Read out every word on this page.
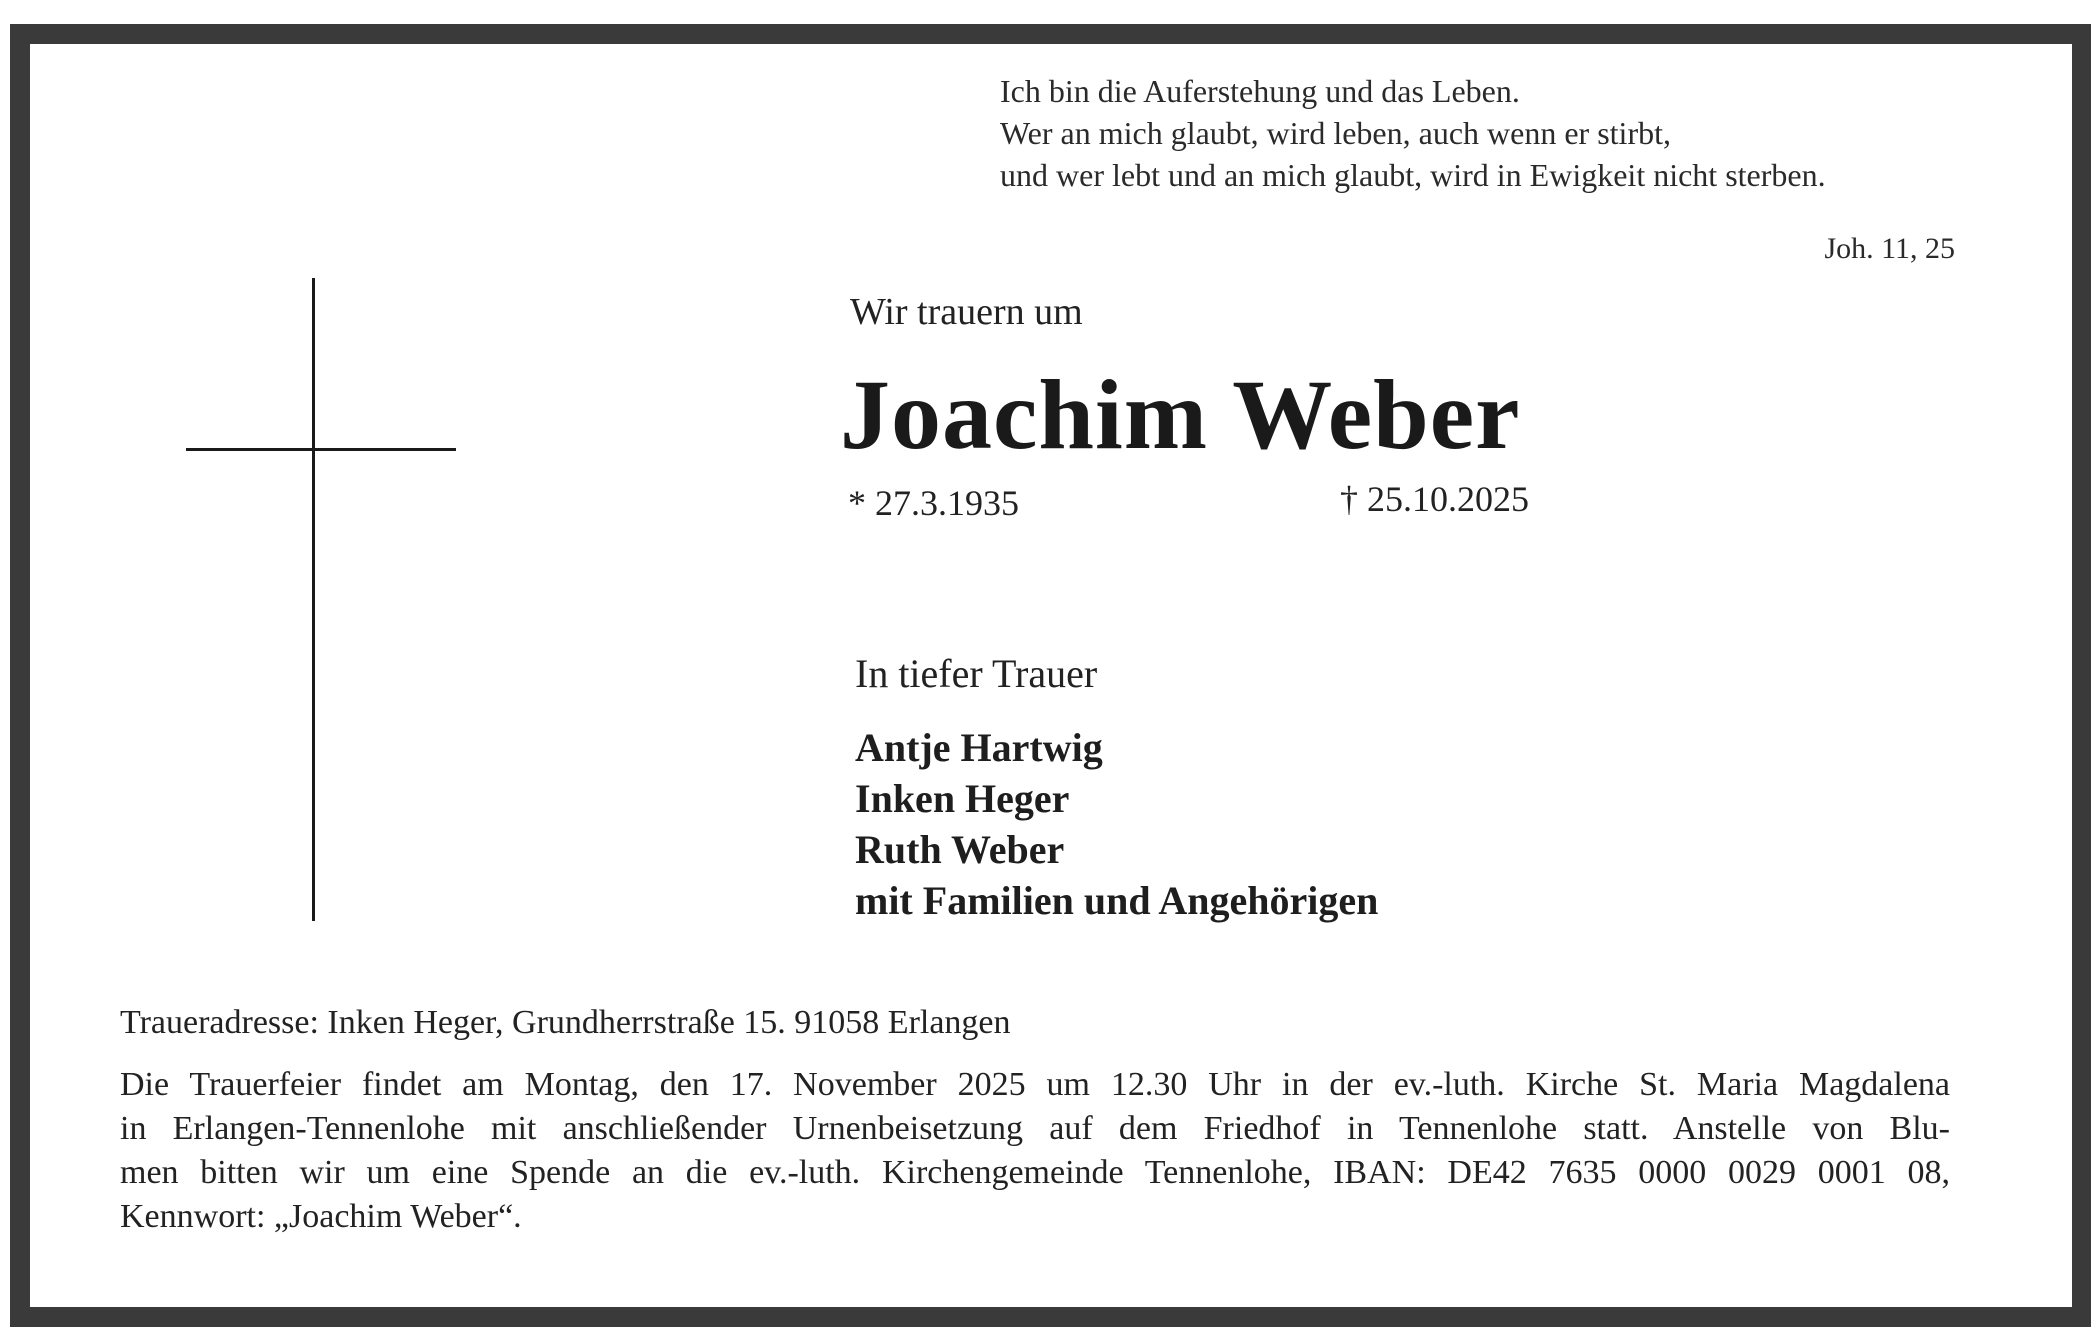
Ich bin die Auferstehung und das Leben.
Wer an mich glaubt, wird leben, auch wenn er stirbt,
und wer lebt und an mich glaubt, wird in Ewigkeit nicht sterben.
Joh. 11, 25
Wir trauern um
Joachim Weber
* 27.3.1935	† 25.10.2025
In tiefer Trauer
Antje Hartwig
Inken Heger
Ruth Weber
mit Familien und Angehörigen
Traueradresse: Inken Heger, Grundherrstraße 15. 91058 Erlangen
Die Trauerfeier findet am Montag, den 17. November 2025 um 12.30 Uhr in der ev.-luth. Kirche St. Maria Magdalena
in Erlangen-Tennenlohe mit anschließender Urnenbeisetzung auf dem Friedhof in Tennenlohe statt. Anstelle von Blu-
men bitten wir um eine Spende an die ev.-luth. Kirchengemeinde Tennenlohe, IBAN: DE42 7635 0000 0029 0001 08,
Kennwort: „Joachim Weber“.
